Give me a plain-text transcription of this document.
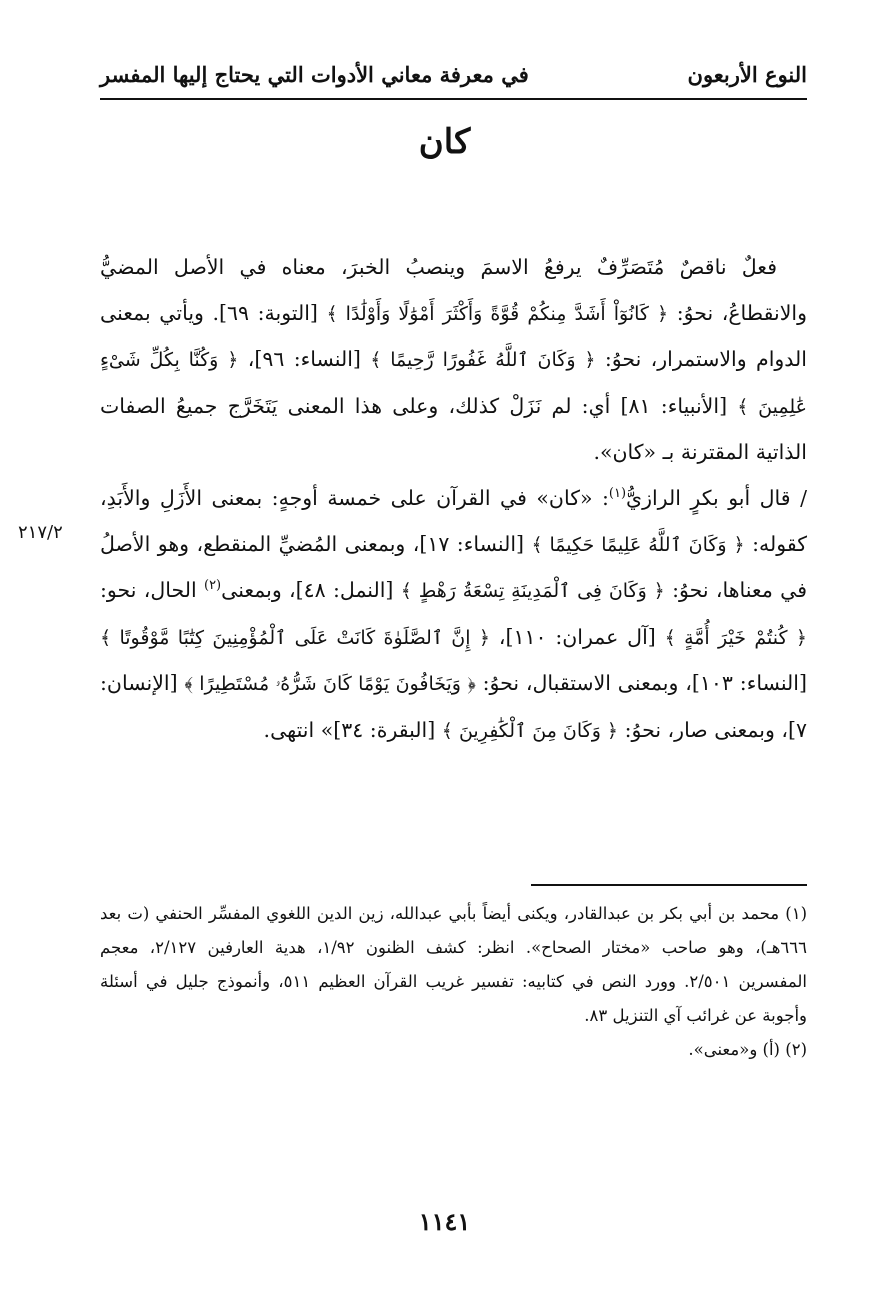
النوع الأربعون
في معرفة معاني الأدوات التي يحتاج إليها المفسر
كان

فعلٌ ناقصٌ مُتَصَرِّفٌ يرفعُ الاسمَ وينصبُ الخبرَ، معناه في الأصل المضيُّ والانقطاعُ، نحوُ: ﴿ كَانُوٓاْ أَشَدَّ مِنكُمْ قُوَّةً وَأَكْثَرَ أَمْوَٰلًا وَأَوْلَٰدًا ﴾ [التوبة: ٦٩]. ويأتي بمعنى الدوام والاستمرار، نحوُ: ﴿ وَكَانَ ٱللَّهُ غَفُورًا رَّحِيمًا ﴾ [النساء: ٩٦]، ﴿ وَكُنَّا بِكُلِّ شَىْءٍ عَٰلِمِينَ ﴾ [الأنبياء: ٨١] أي: لم نَزَلْ كذلك، وعلى هذا المعنى يَتَخَرَّج جميعُ الصفات الذاتية المقترنة بـ «كان».

/ قال أبو بكرٍ الرازيُّ$^{(١)}$: «كان» في القرآن على خمسة أوجهٍ: بمعنى الأَزَلِ والأَبَدِ، كقوله: ﴿ وَكَانَ ٱللَّهُ عَلِيمًا حَكِيمًا ﴾ [النساء: ١٧]، وبمعنى المُضيِّ المنقطع، وهو الأصلُ في معناها، نحوُ: ﴿ وَكَانَ فِى ٱلْمَدِينَةِ تِسْعَةُ رَهْطٍ ﴾ [النمل: ٤٨]، وبمعنى$^{(٢)}$ الحال، نحو: ﴿ كُنتُمْ خَيْرَ أُمَّةٍ ﴾ [آل عمران: ١١٠]، ﴿ إِنَّ ٱلصَّلَوٰةَ كَانَتْ عَلَى ٱلْمُؤْمِنِينَ كِتَٰبًا مَّوْقُوتًا ﴾ [النساء: ١٠٣]، وبمعنى الاستقبال، نحوُ: ﴿ وَيَخَافُونَ يَوْمًا كَانَ شَرُّهُۥ مُسْتَطِيرًا ﴾ [الإنسان: ٧]، وبمعنى صار، نحوُ: ﴿ وَكَانَ مِنَ ٱلْكَٰفِرِينَ ﴾ [البقرة: ٣٤]» انتهى.

٢١٧/٢

(١) محمد بن أبي بكر بن عبدالقادر، ويكنى أيضاً بأبي عبدالله، زين الدين اللغوي المفسِّر الحنفي (ت بعد ٦٦٦هـ)، وهو صاحب «مختار الصحاح». انظر: كشف الظنون ١/٩٢، هدية العارفين ٢/١٢٧، معجم المفسرين ٢/٥٠١. وورد النص في كتابيه: تفسير غريب القرآن العظيم ٥١١، وأنموذج جليل في أسئلة وأجوبة عن غرائب آي التنزيل ٨٣.

(٢) (أ) و«معنى».

١١٤١
